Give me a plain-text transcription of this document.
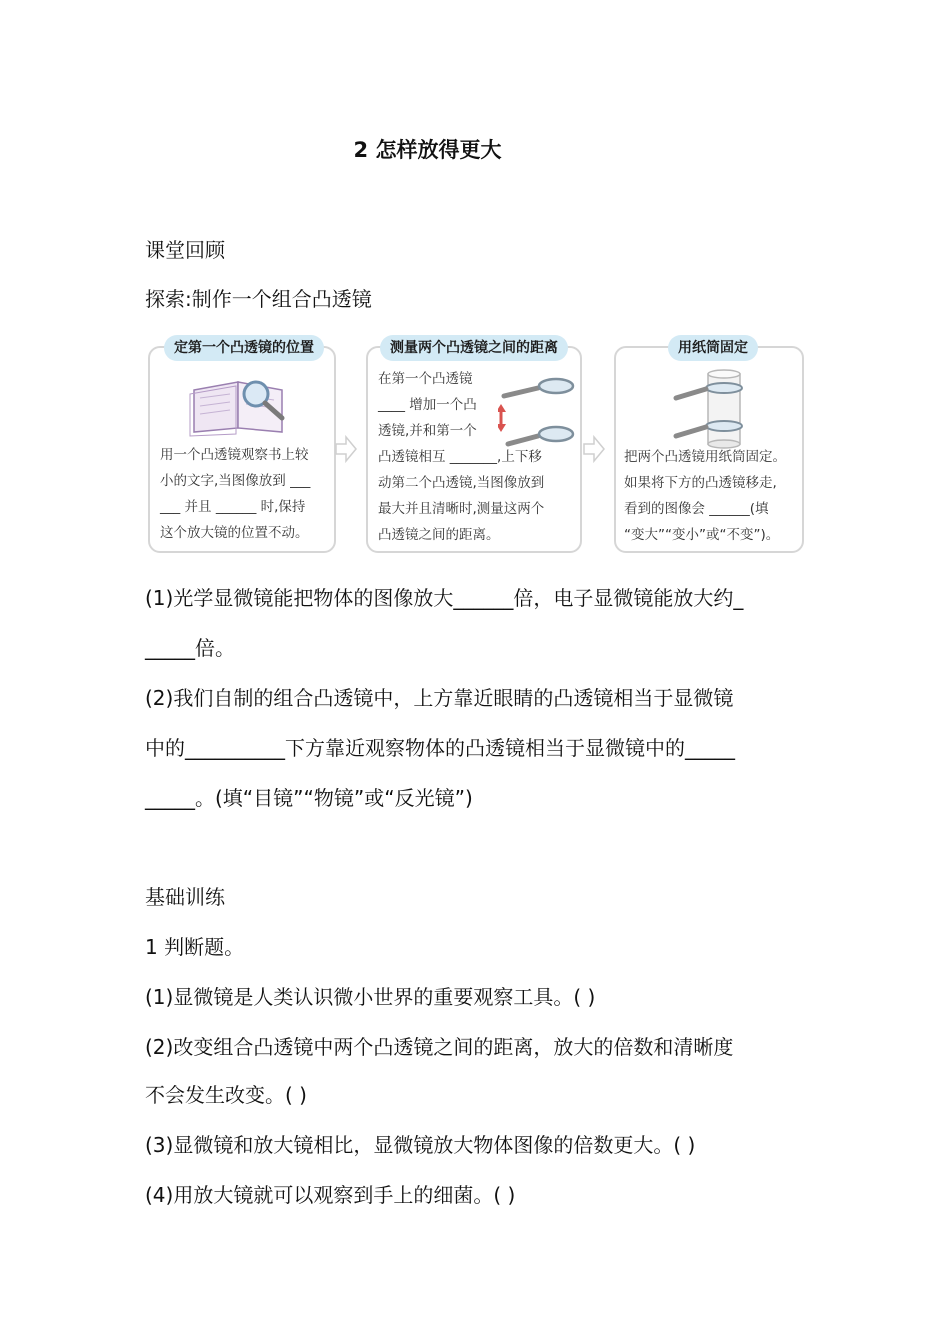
2 怎样放得更大
课堂回顾
探索:制作一个组合凸透镜
用一个凸透镜观察书上较
小的文字,当图像放到 ___
___ 并且 ______ 时,保持
这个放大镜的位置不动。
定第一个凸透镜的位置
在第一个凸透镜
____ 增加一个凸
透镜,并和第一个
凸透镜相互 _______,上下移
动第二个凸透镜,当图像放到
最大并且清晰时,测量这两个
凸透镜之间的距离。
测量两个凸透镜之间的距离
把两个凸透镜用纸筒固定。
如果将下方的凸透镜移走,
看到的图像会 ______(填
“变大”“变小”或“不变”)。
用纸筒固定
(1)光学显微镜能把物体的图像放大______倍，电子显微镜能放大约_
_____倍。
(2)我们自制的组合凸透镜中，上方靠近眼睛的凸透镜相当于显微镜
中的__________下方靠近观察物体的凸透镜相当于显微镜中的_____
_____。(填“目镜”“物镜”或“反光镜”)
基础训练
1 判断题。
(1)显微镜是人类认识微小世界的重要观察工具。( )
(2)改变组合凸透镜中两个凸透镜之间的距离，放大的倍数和清晰度
不会发生改变。( )
(3)显微镜和放大镜相比，显微镜放大物体图像的倍数更大。( )
(4)用放大镜就可以观察到手上的细菌。( )
